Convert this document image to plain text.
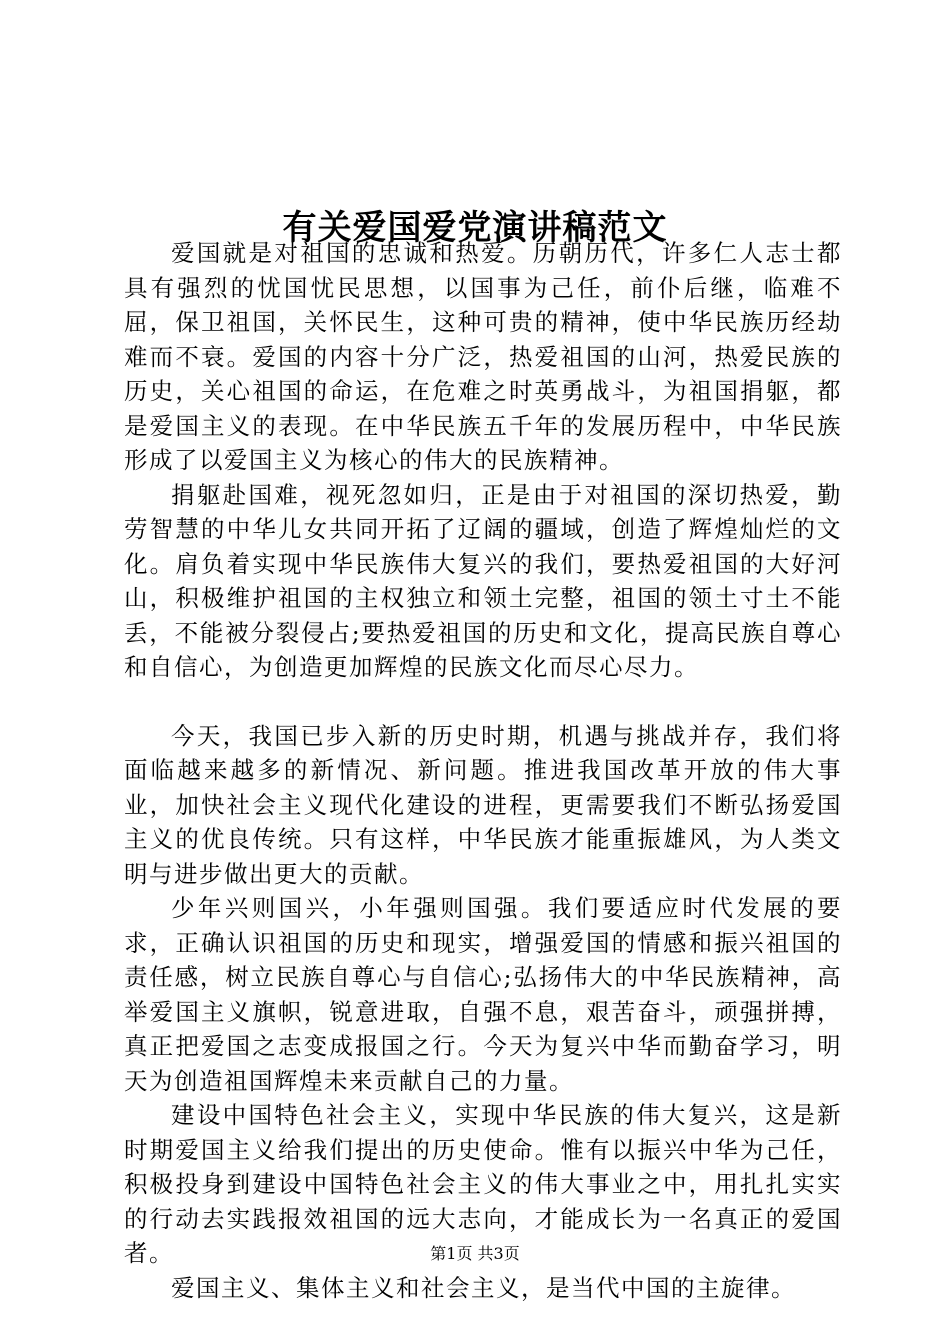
有关爱国爱党演讲稿范文

爱国就是对祖国的忠诚和热爱。历朝历代，许多仁人志士都具有强烈的忧国忧民思想，以国事为己任，前仆后继，临难不屈，保卫祖国，关怀民生，这种可贵的精神，使中华民族历经劫难而不衰。爱国的内容十分广泛，热爱祖国的山河，热爱民族的历史，关心祖国的命运，在危难之时英勇战斗，为祖国捐躯，都是爱国主义的表现。在中华民族五千年的发展历程中，中华民族形成了以爱国主义为核心的伟大的民族精神。

捐躯赴国难，视死忽如归，正是由于对祖国的深切热爱，勤劳智慧的中华儿女共同开拓了辽阔的疆域，创造了辉煌灿烂的文化。肩负着实现中华民族伟大复兴的我们，要热爱祖国的大好河山，积极维护祖国的主权独立和领土完整，祖国的领土寸土不能丢，不能被分裂侵占;要热爱祖国的历史和文化，提高民族自尊心和自信心，为创造更加辉煌的民族文化而尽心尽力。

今天，我国已步入新的历史时期，机遇与挑战并存，我们将面临越来越多的新情况、新问题。推进我国改革开放的伟大事业，加快社会主义现代化建设的进程，更需要我们不断弘扬爱国主义的优良传统。只有这样，中华民族才能重振雄风，为人类文明与进步做出更大的贡献。

少年兴则国兴，小年强则国强。我们要适应时代发展的要求，正确认识祖国的历史和现实，增强爱国的情感和振兴祖国的责任感，树立民族自尊心与自信心;弘扬伟大的中华民族精神，高举爱国主义旗帜，锐意进取，自强不息，艰苦奋斗，顽强拼搏，真正把爱国之志变成报国之行。今天为复兴中华而勤奋学习，明天为创造祖国辉煌未来贡献自己的力量。

建设中国特色社会主义，实现中华民族的伟大复兴，这是新时期爱国主义给我们提出的历史使命。惟有以振兴中华为己任，积极投身到建设中国特色社会主义的伟大事业之中，用扎扎实实的行动去实践报效祖国的远大志向，才能成长为一名真正的爱国者。

爱国主义、集体主义和社会主义，是当代中国的主旋律。

第1页 共3页
